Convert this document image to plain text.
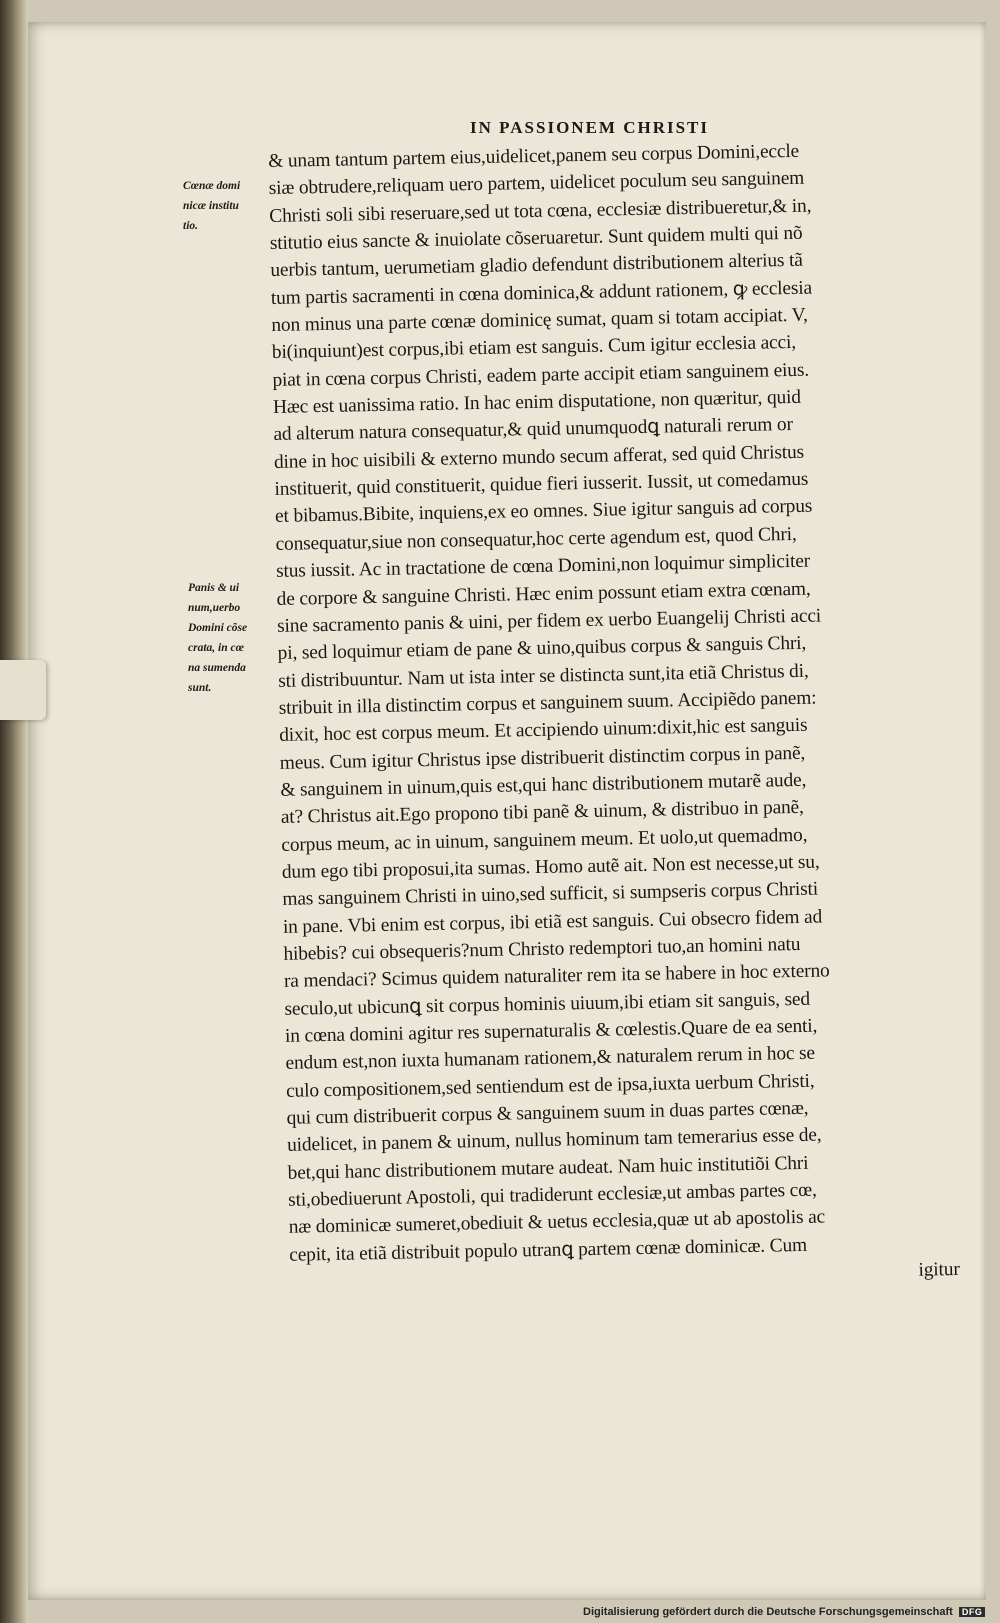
IN PASSIONEM CHRISTI
Cœnæ domi
nicæ institu
tio.
Panis & ui
num,uerbo
Domini cõse
crata, in cœ
na sumenda
sunt.
& unam tantum partem eius,uidelicet,panem seu corpus Domini,eccle
siæ obtrudere,reliquam uero partem, uidelicet poculum seu sanguinem
Christi soli sibi reseruare,sed ut tota cœna, ecclesiæ distribueretur,& in,
stitutio eius sancte & inuiolate cõseruaretur. Sunt quidem multi qui nõ
uerbis tantum, uerumetiam gladio defendunt distributionem alterius tã
tum partis sacramenti in cœna dominica,& addunt rationem, ꝙ ecclesia
non minus una parte cœnæ dominicę sumat, quam si totam accipiat. V,
bi(inquiunt)est corpus,ibi etiam est sanguis. Cum igitur ecclesia acci,
piat in cœna corpus Christi, eadem parte accipit etiam sanguinem eius.
Hæc est uanissima ratio. In hac enim disputatione, non quæritur, quid
ad alterum natura consequatur,& quid unumquodꝗ naturali rerum or
dine in hoc uisibili & externo mundo secum afferat, sed quid Christus
instituerit, quid constituerit, quidue fieri iusserit. Iussit, ut comedamus
et bibamus.Bibite, inquiens,ex eo omnes. Siue igitur sanguis ad corpus
consequatur,siue non consequatur,hoc certe agendum est, quod Chri,
stus iussit. Ac in tractatione de cœna Domini,non loquimur simpliciter
de corpore & sanguine Christi. Hæc enim possunt etiam extra cœnam,
sine sacramento panis & uini, per fidem ex uerbo Euangelij Christi acci
pi, sed loquimur etiam de pane & uino,quibus corpus & sanguis Chri,
sti distribuuntur. Nam ut ista inter se distincta sunt,ita etiã Christus di,
stribuit in illa distinctim corpus et sanguinem suum. Accipiẽdo panem:
dixit, hoc est corpus meum. Et accipiendo uinum:dixit,hic est sanguis
meus. Cum igitur Christus ipse distribuerit distinctim corpus in panẽ,
& sanguinem in uinum,quis est,qui hanc distributionem mutarẽ aude,
at? Christus ait.Ego propono tibi panẽ & uinum, & distribuo in panẽ,
corpus meum, ac in uinum, sanguinem meum. Et uolo,ut quemadmo,
dum ego tibi proposui,ita sumas. Homo autẽ ait. Non est necesse,ut su,
mas sanguinem Christi in uino,sed sufficit, si sumpseris corpus Christi
in pane. Vbi enim est corpus, ibi etiã est sanguis. Cui obsecro fidem ad
hibebis? cui obsequeris?num Christo redemptori tuo,an homini natu
ra mendaci? Scimus quidem naturaliter rem ita se habere in hoc externo
seculo,ut ubicunꝗ sit corpus hominis uiuum,ibi etiam sit sanguis, sed
in cœna domini agitur res supernaturalis & cœlestis.Quare de ea senti,
endum est,non iuxta humanam rationem,& naturalem rerum in hoc se
culo compositionem,sed sentiendum est de ipsa,iuxta uerbum Christi,
qui cum distribuerit corpus & sanguinem suum in duas partes cœnæ,
uidelicet, in panem & uinum, nullus hominum tam temerarius esse de,
bet,qui hanc distributionem mutare audeat. Nam huic institutiõi Chri
sti,obediuerunt Apostoli, qui tradiderunt ecclesiæ,ut ambas partes cœ,
næ dominicæ sumeret,obediuit & uetus ecclesia,quæ ut ab apostolis ac
cepit, ita etiã distribuit populo utranꝗ partem cœnæ dominicæ. Cum
igitur
Digitalisierung gefördert durch die Deutsche Forschungsgemeinschaft DFG
